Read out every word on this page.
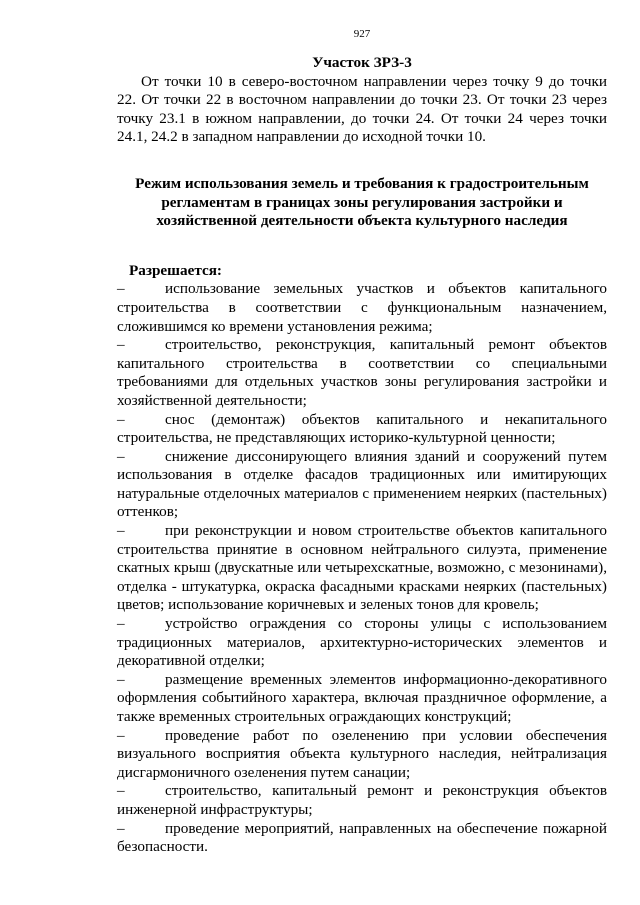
927

Участок ЗРЗ-3

От точки 10 в северо-восточном направлении через точку 9 до точки 22. От точки 22 в восточном направлении до точки 23. От точки 23 через точку 23.1 в южном направлении, до точки 24. От точки 24 через точки 24.1, 24.2 в западном направлении до исходной точки 10.

Режим использования земель и требования к градостроительным регламентам в границах зоны регулирования застройки и хозяйственной деятельности объекта культурного наследия

Разрешается:

–	использование земельных участков и объектов капитального строительства в соответствии с функциональным назначением, сложившимся ко времени установления режима;

–	строительство, реконструкция, капитальный ремонт объектов капитального строительства в соответствии со специальными требованиями для отдельных участков зоны регулирования застройки и хозяйственной деятельности;

–	снос (демонтаж) объектов капитального и некапитального строительства, не представляющих историко-культурной ценности;

–	снижение диссонирующего влияния зданий и сооружений путем использования в отделке фасадов традиционных или имитирующих натуральные отделочных материалов с применением неярких (пастельных) оттенков;

–	при реконструкции и новом строительстве объектов капитального строительства принятие в основном нейтрального силуэта, применение скатных крыш (двускатные или четырехскатные, возможно, с мезонинами), отделка - штукатурка, окраска фасадными красками неярких (пастельных) цветов; использование коричневых и зеленых тонов для кровель;

–	устройство ограждения со стороны улицы с использованием традиционных материалов, архитектурно-исторических элементов и декоративной отделки;

–	размещение временных элементов информационно-декоративного оформления событийного характера, включая праздничное оформление, а также временных строительных ограждающих конструкций;

–	проведение работ по озеленению при условии обеспечения визуального восприятия объекта культурного наследия, нейтрализация дисгармоничного озеленения путем санации;

–	строительство, капитальный ремонт и реконструкция объектов инженерной инфраструктуры;

–	проведение мероприятий, направленных на обеспечение пожарной безопасности.
